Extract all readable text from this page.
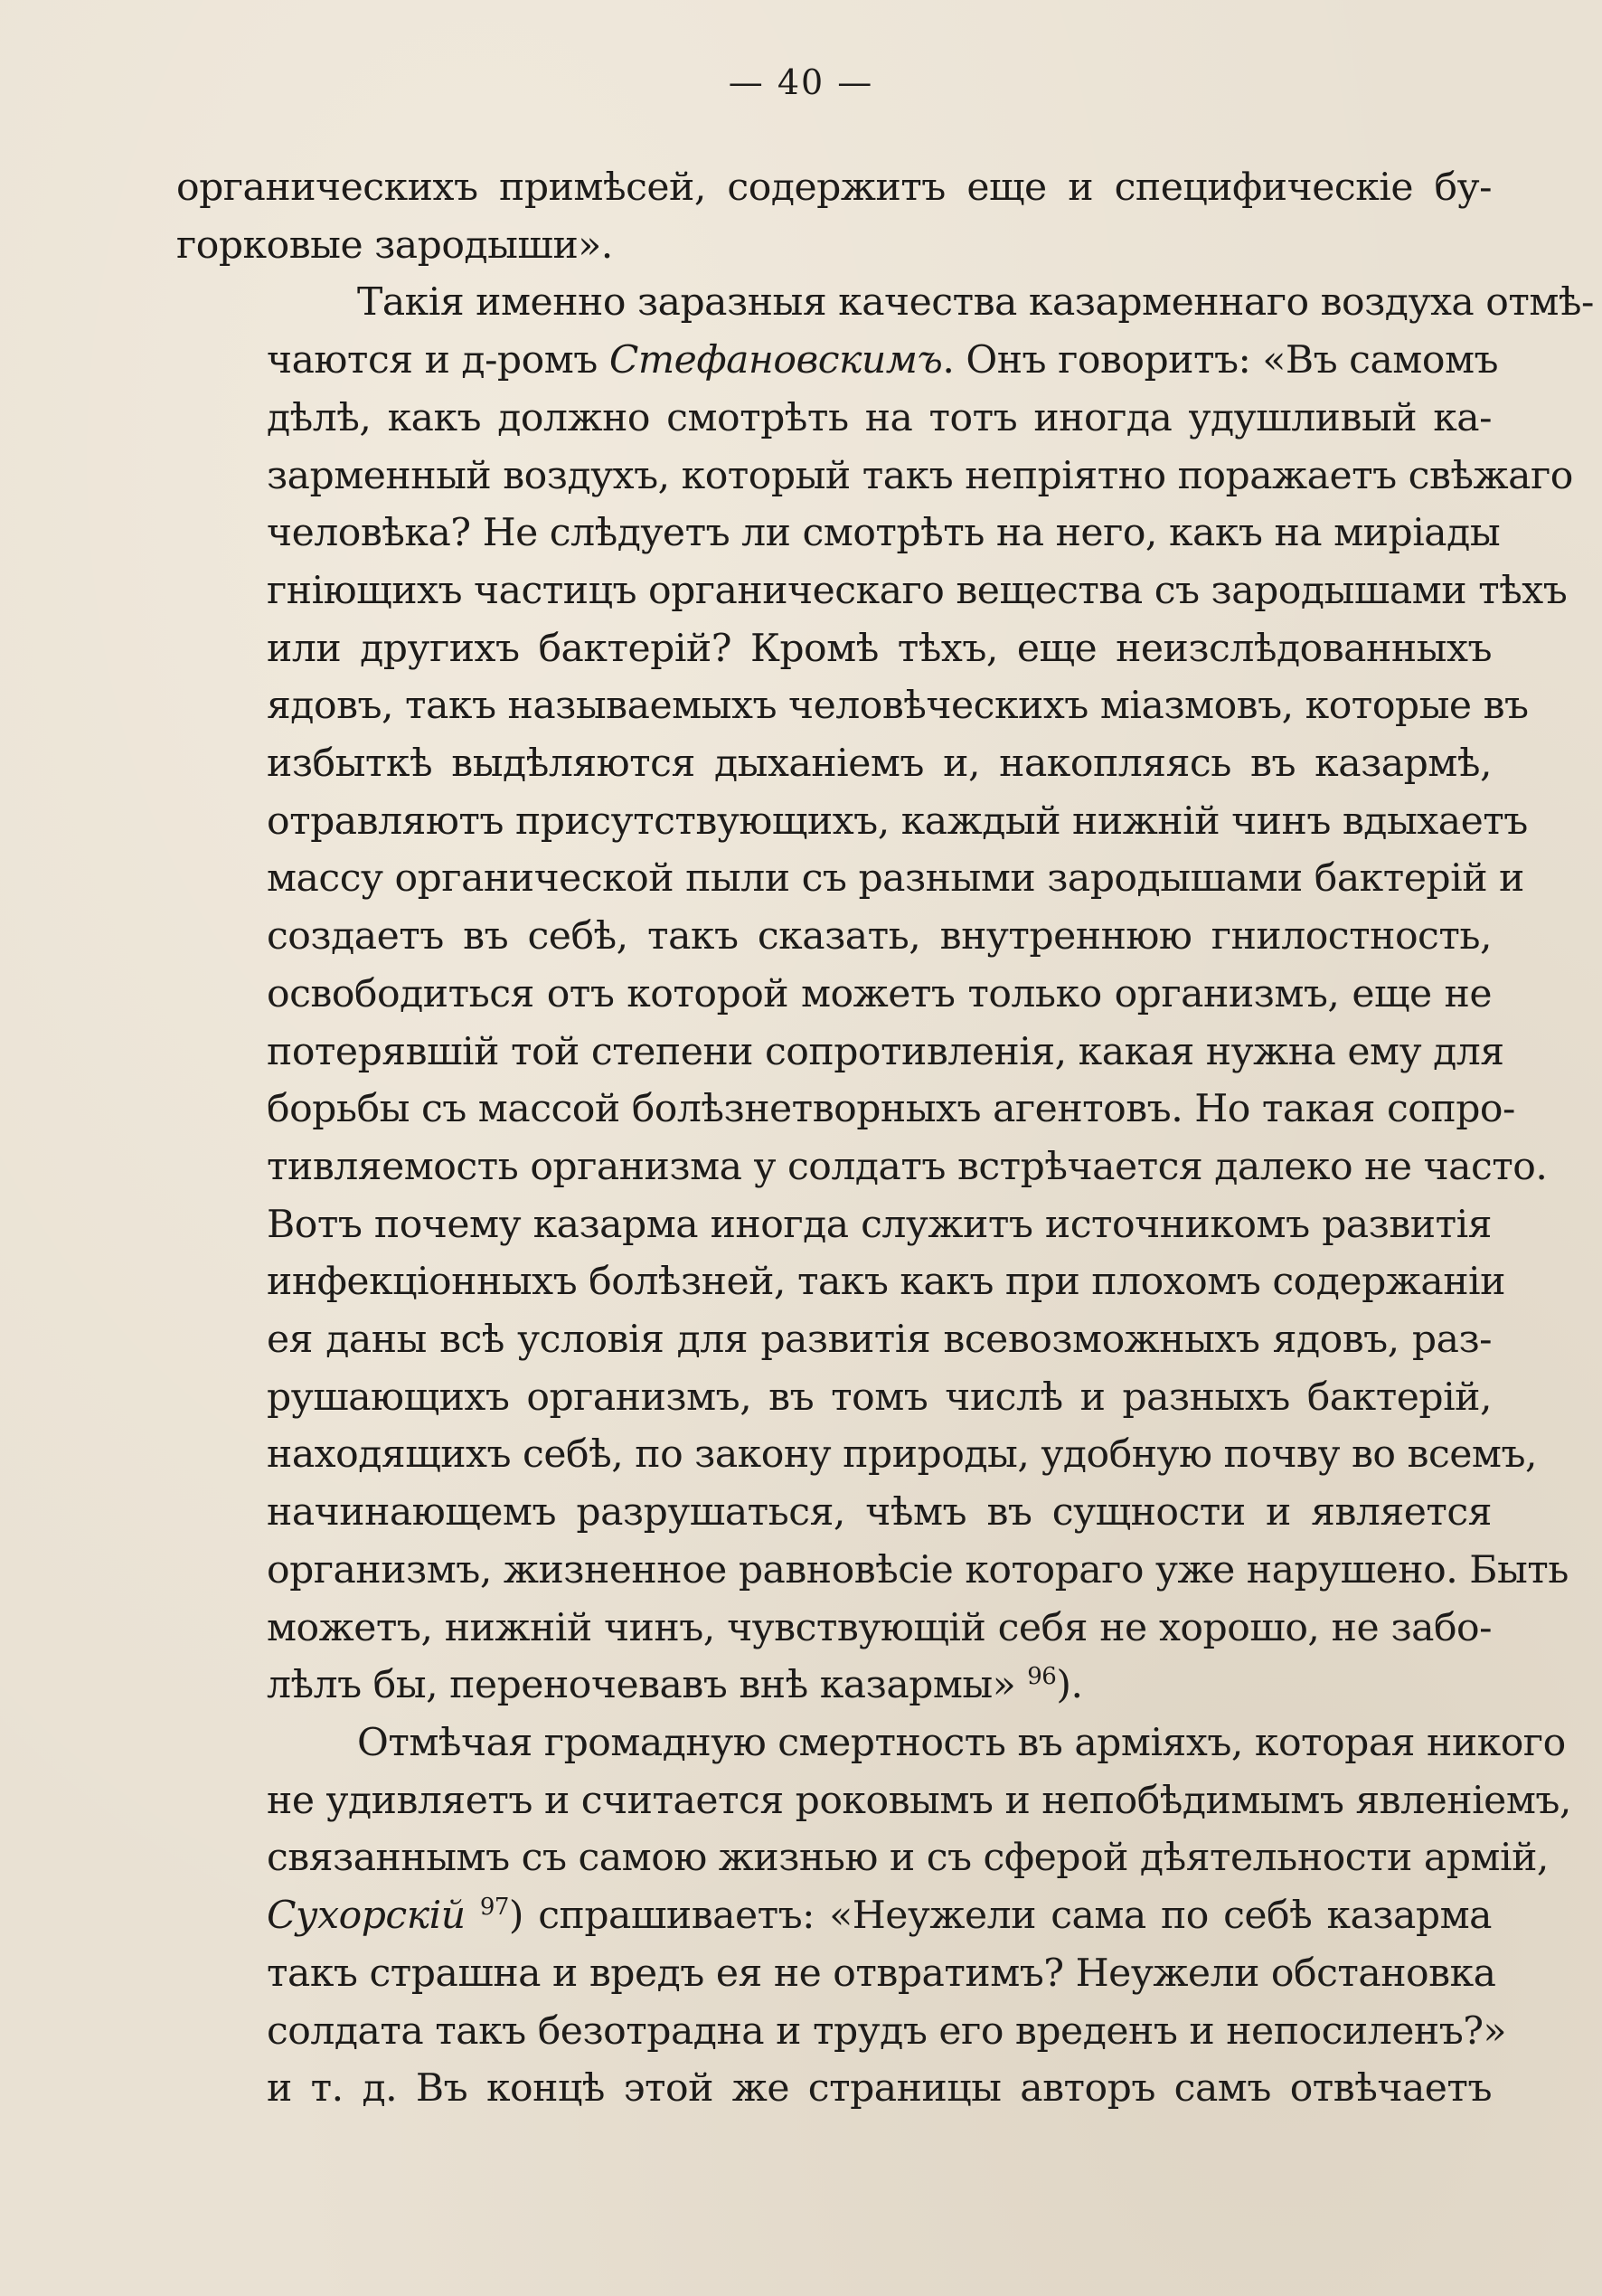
— 40 —
органическихъ примѣсей, содержитъ еще и специфическіе бу-
горковые зародыши».
Такія именно заразныя качества казарменнаго воздуха отмѣ-
чаются и д-ромъ Стефановскимъ. Онъ говоритъ: «Въ самомъ
дѣлѣ, какъ должно смотрѣть на тотъ иногда удушливый ка-
зарменный воздухъ, который такъ непріятно поражаетъ свѣжаго
человѣка? Не слѣдуетъ ли смотрѣть на него, какъ на миріады
гніющихъ частицъ органическаго вещества съ зародышами тѣхъ
или другихъ бактерій? Кромѣ тѣхъ, еще неизслѣдованныхъ
ядовъ, такъ называемыхъ человѣческихъ міазмовъ, которые въ
избыткѣ выдѣляются дыханіемъ и, накопляясь въ казармѣ,
отравляютъ присутствующихъ, каждый нижній чинъ вдыхаетъ
массу органической пыли съ разными зародышами бактерій и
создаетъ въ себѣ, такъ сказать, внутреннюю гнилостность,
освободиться отъ которой можетъ только организмъ, еще не
потерявшій той степени сопротивленія, какая нужна ему для
борьбы съ массой болѣзнетворныхъ агентовъ. Но такая сопро-
тивляемость организма у солдатъ встрѣчается далеко не часто.
Вотъ почему казарма иногда служитъ источникомъ развитія
инфекціонныхъ болѣзней, такъ какъ при плохомъ содержаніи
ея даны всѣ условія для развитія всевозможныхъ ядовъ, раз-
рушающихъ организмъ, въ томъ числѣ и разныхъ бактерій,
находящихъ себѣ, по закону природы, удобную почву во всемъ,
начинающемъ разрушаться, чѣмъ въ сущности и является
организмъ, жизненное равновѣсіе котораго уже нарушено. Быть
можетъ, нижній чинъ, чувствующій себя не хорошо, не забо-
лѣлъ бы, переночевавъ внѣ казармы» $^{96}$).
Отмѣчая громадную смертность въ арміяхъ, которая никого
не удивляетъ и считается роковымъ и непобѣдимымъ явленіемъ,
связаннымъ съ самою жизнью и съ сферой дѣятельности армій,
Сухорскій $^{97}$) спрашиваетъ: «Неужели сама по себѣ казарма
такъ страшна и вредъ ея не отвратимъ? Неужели обстановка
солдата такъ безотрадна и трудъ его вреденъ и непосиленъ?»
и т. д. Въ концѣ этой же страницы авторъ самъ отвѣчаетъ
